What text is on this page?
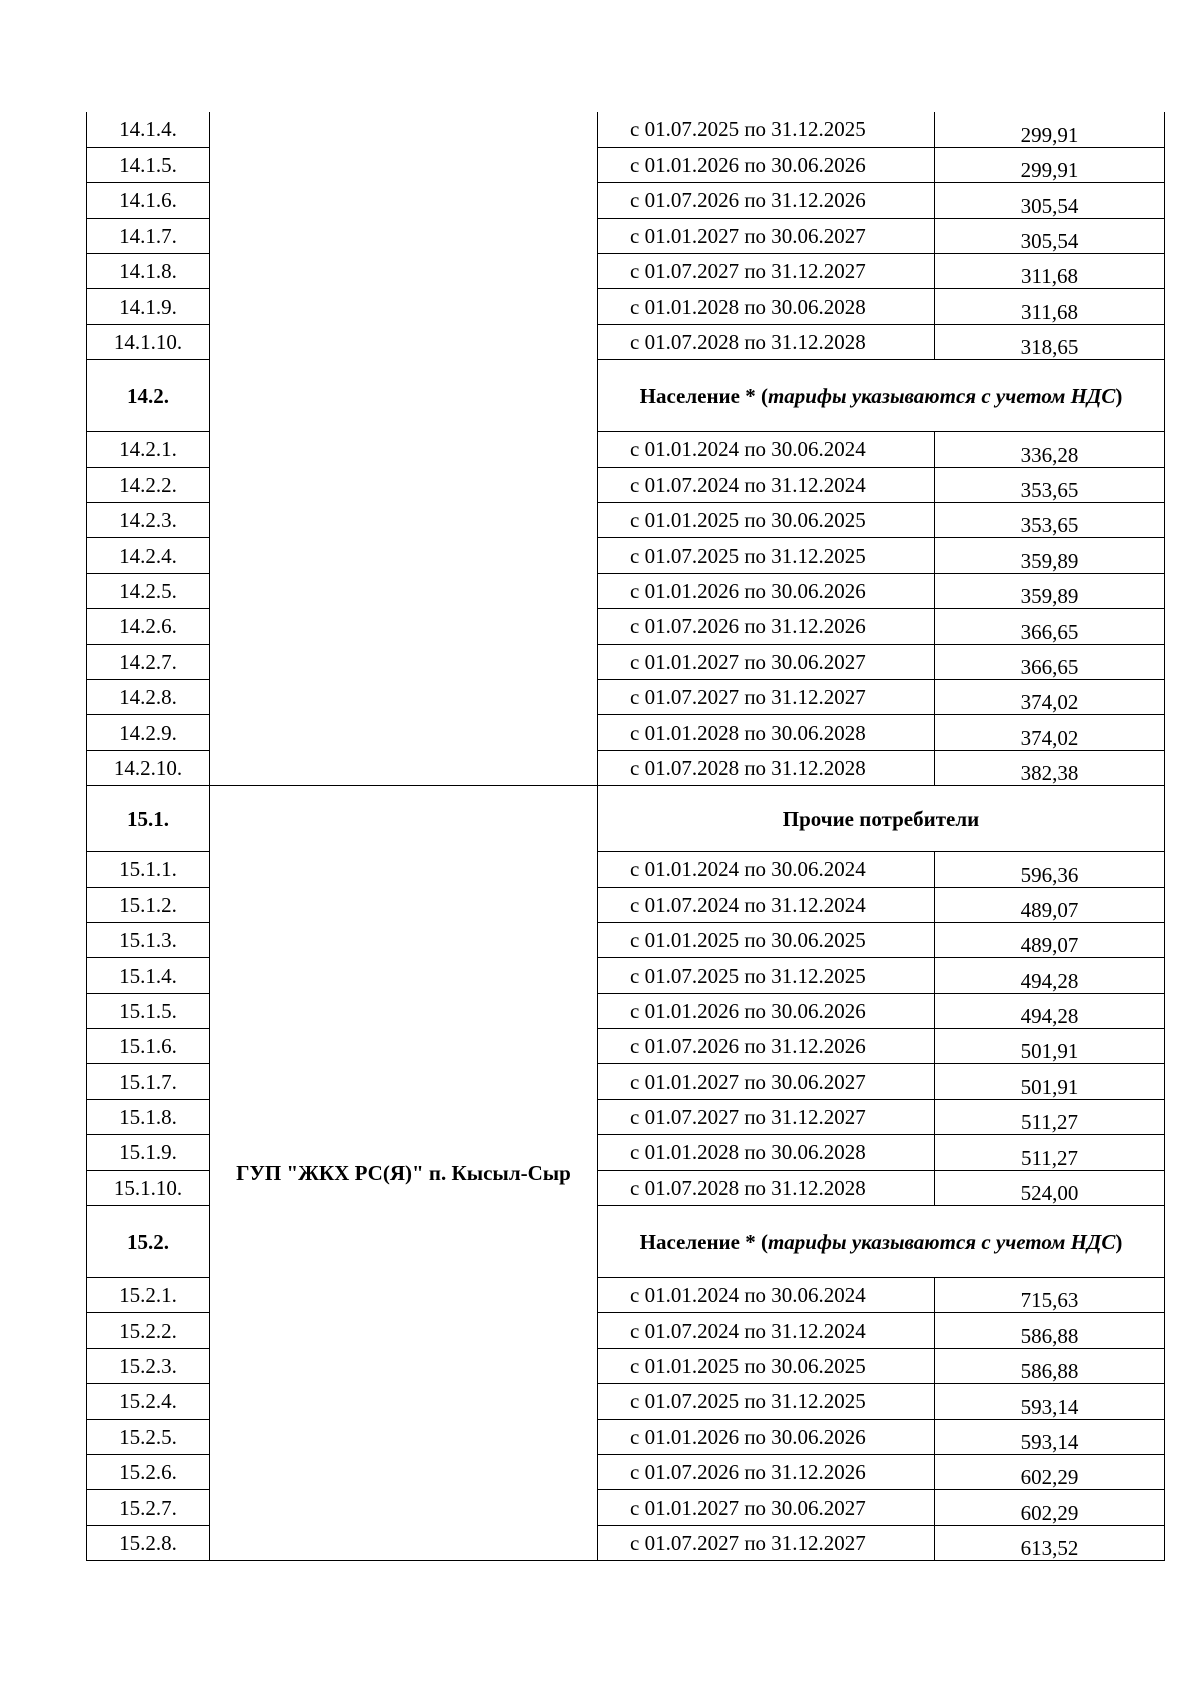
14.1.4.		с 01.07.2025 по 31.12.2025	299,91
14.1.5.		с 01.01.2026 по 30.06.2026	299,91
14.1.6.		с 01.07.2026 по 31.12.2026	305,54
14.1.7.		с 01.01.2027 по 30.06.2027	305,54
14.1.8.		с 01.07.2027 по 31.12.2027	311,68
14.1.9.		с 01.01.2028 по 30.06.2028	311,68
14.1.10.		с 01.07.2028 по 31.12.2028	318,65
14.2.		Население * (тарифы указываются с учетом НДС)	
14.2.1.		с 01.01.2024 по 30.06.2024	336,28
14.2.2.		с 01.07.2024 по 31.12.2024	353,65
14.2.3.		с 01.01.2025 по 30.06.2025	353,65
14.2.4.		с 01.07.2025 по 31.12.2025	359,89
14.2.5.		с 01.01.2026 по 30.06.2026	359,89
14.2.6.		с 01.07.2026 по 31.12.2026	366,65
14.2.7.		с 01.01.2027 по 30.06.2027	366,65
14.2.8.		с 01.07.2027 по 31.12.2027	374,02
14.2.9.		с 01.01.2028 по 30.06.2028	374,02
14.2.10.		с 01.07.2028 по 31.12.2028	382,38
15.1.	ГУП "ЖКХ РС(Я)" п. Кысыл-Сыр	Прочие потребители	
15.1.1.		с 01.01.2024 по 30.06.2024	596,36
15.1.2.		с 01.07.2024 по 31.12.2024	489,07
15.1.3.		с 01.01.2025 по 30.06.2025	489,07
15.1.4.		с 01.07.2025 по 31.12.2025	494,28
15.1.5.		с 01.01.2026 по 30.06.2026	494,28
15.1.6.		с 01.07.2026 по 31.12.2026	501,91
15.1.7.		с 01.01.2027 по 30.06.2027	501,91
15.1.8.		с 01.07.2027 по 31.12.2027	511,27
15.1.9.		с 01.01.2028 по 30.06.2028	511,27
15.1.10.		с 01.07.2028 по 31.12.2028	524,00
15.2.		Население * (тарифы указываются с учетом НДС)	
15.2.1.		с 01.01.2024 по 30.06.2024	715,63
15.2.2.		с 01.07.2024 по 31.12.2024	586,88
15.2.3.		с 01.01.2025 по 30.06.2025	586,88
15.2.4.		с 01.07.2025 по 31.12.2025	593,14
15.2.5.		с 01.01.2026 по 30.06.2026	593,14
15.2.6.		с 01.07.2026 по 31.12.2026	602,29
15.2.7.		с 01.01.2027 по 30.06.2027	602,29
15.2.8.		с 01.07.2027 по 31.12.2027	613,52
